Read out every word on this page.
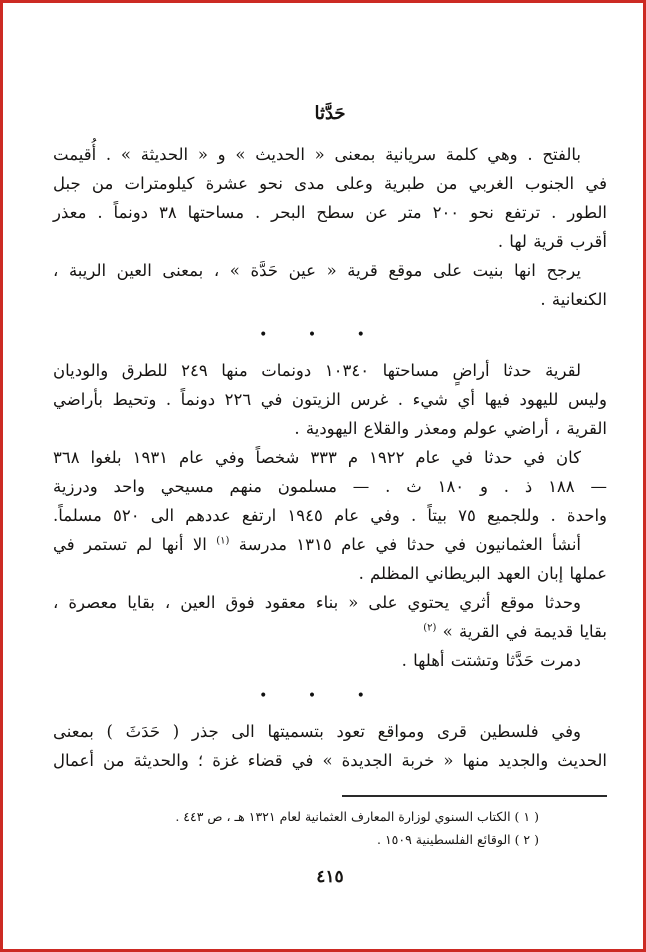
حَدَّثا
بالفتح . وهي كلمة سريانية بمعنى « الحديث » و « الحديثة » . أُقيمت
في الجنوب الغربي من طبرية وعلى مدى نحو عشرة كيلومترات من جبل
الطور . ترتفع نحو ٢٠٠ متر عن سطح البحر . مساحتها ٣٨ دونماً . معذر
أقرب قرية لها .
يرجح انها بنيت على موقع قرية « عين حَدَّة » ، بمعنى العين الريبة ،
الكنعانية .
• • •
لقرية حدثا أراضٍ مساحتها ١٠٣٤٠ دونمات منها ٢٤٩ للطرق والوديان
وليس لليهود فيها أي شيء . غرس الزيتون في ٢٢٦ دونماً . وتحيط بأراضي
القرية ، أراضي عولم ومعذر والقلاع اليهودية .
كان في حدثا في عام ١٩٢٢ م ٣٣٣ شخصاً وفي عام ١٩٣١ بلغوا ٣٦٨
— ١٨٨ ذ . و ١٨٠ ث . — مسلمون منهم مسيحي واحد ودرزية
واحدة . وللجميع ٧٥ بيتاً . وفي عام ١٩٤٥ ارتفع عددهم الى ٥٢٠ مسلماً.
أنشأ العثمانيون في حدثا في عام ١٣١٥ مدرسة $^{(١)}$ الا أنها لم تستمر في
عملها إبان العهد البريطاني المظلم .
وحدثا موقع أثري يحتوي على « بناء معقود فوق العين ، بقايا معصرة ،
بقايا قديمة في القرية » $^{(٢)}$
دمرت حَدَّثا وتشتت أهلها .
• • •
وفي فلسطين قرى ومواقع تعود بتسميتها الى جذر ( حَدَثَ ) بمعنى
الحديث والجديد منها « خربة الجديدة » في قضاء غزة ؛ والحديثة من أعمال
( ١ ) الكتاب السنوي لوزارة المعارف العثمانية لعام ١٣٢١ هـ ، ص ٤٤٣ .
( ٢ ) الوقائع الفلسطينية ١٥٠٩ .
٤١٥
